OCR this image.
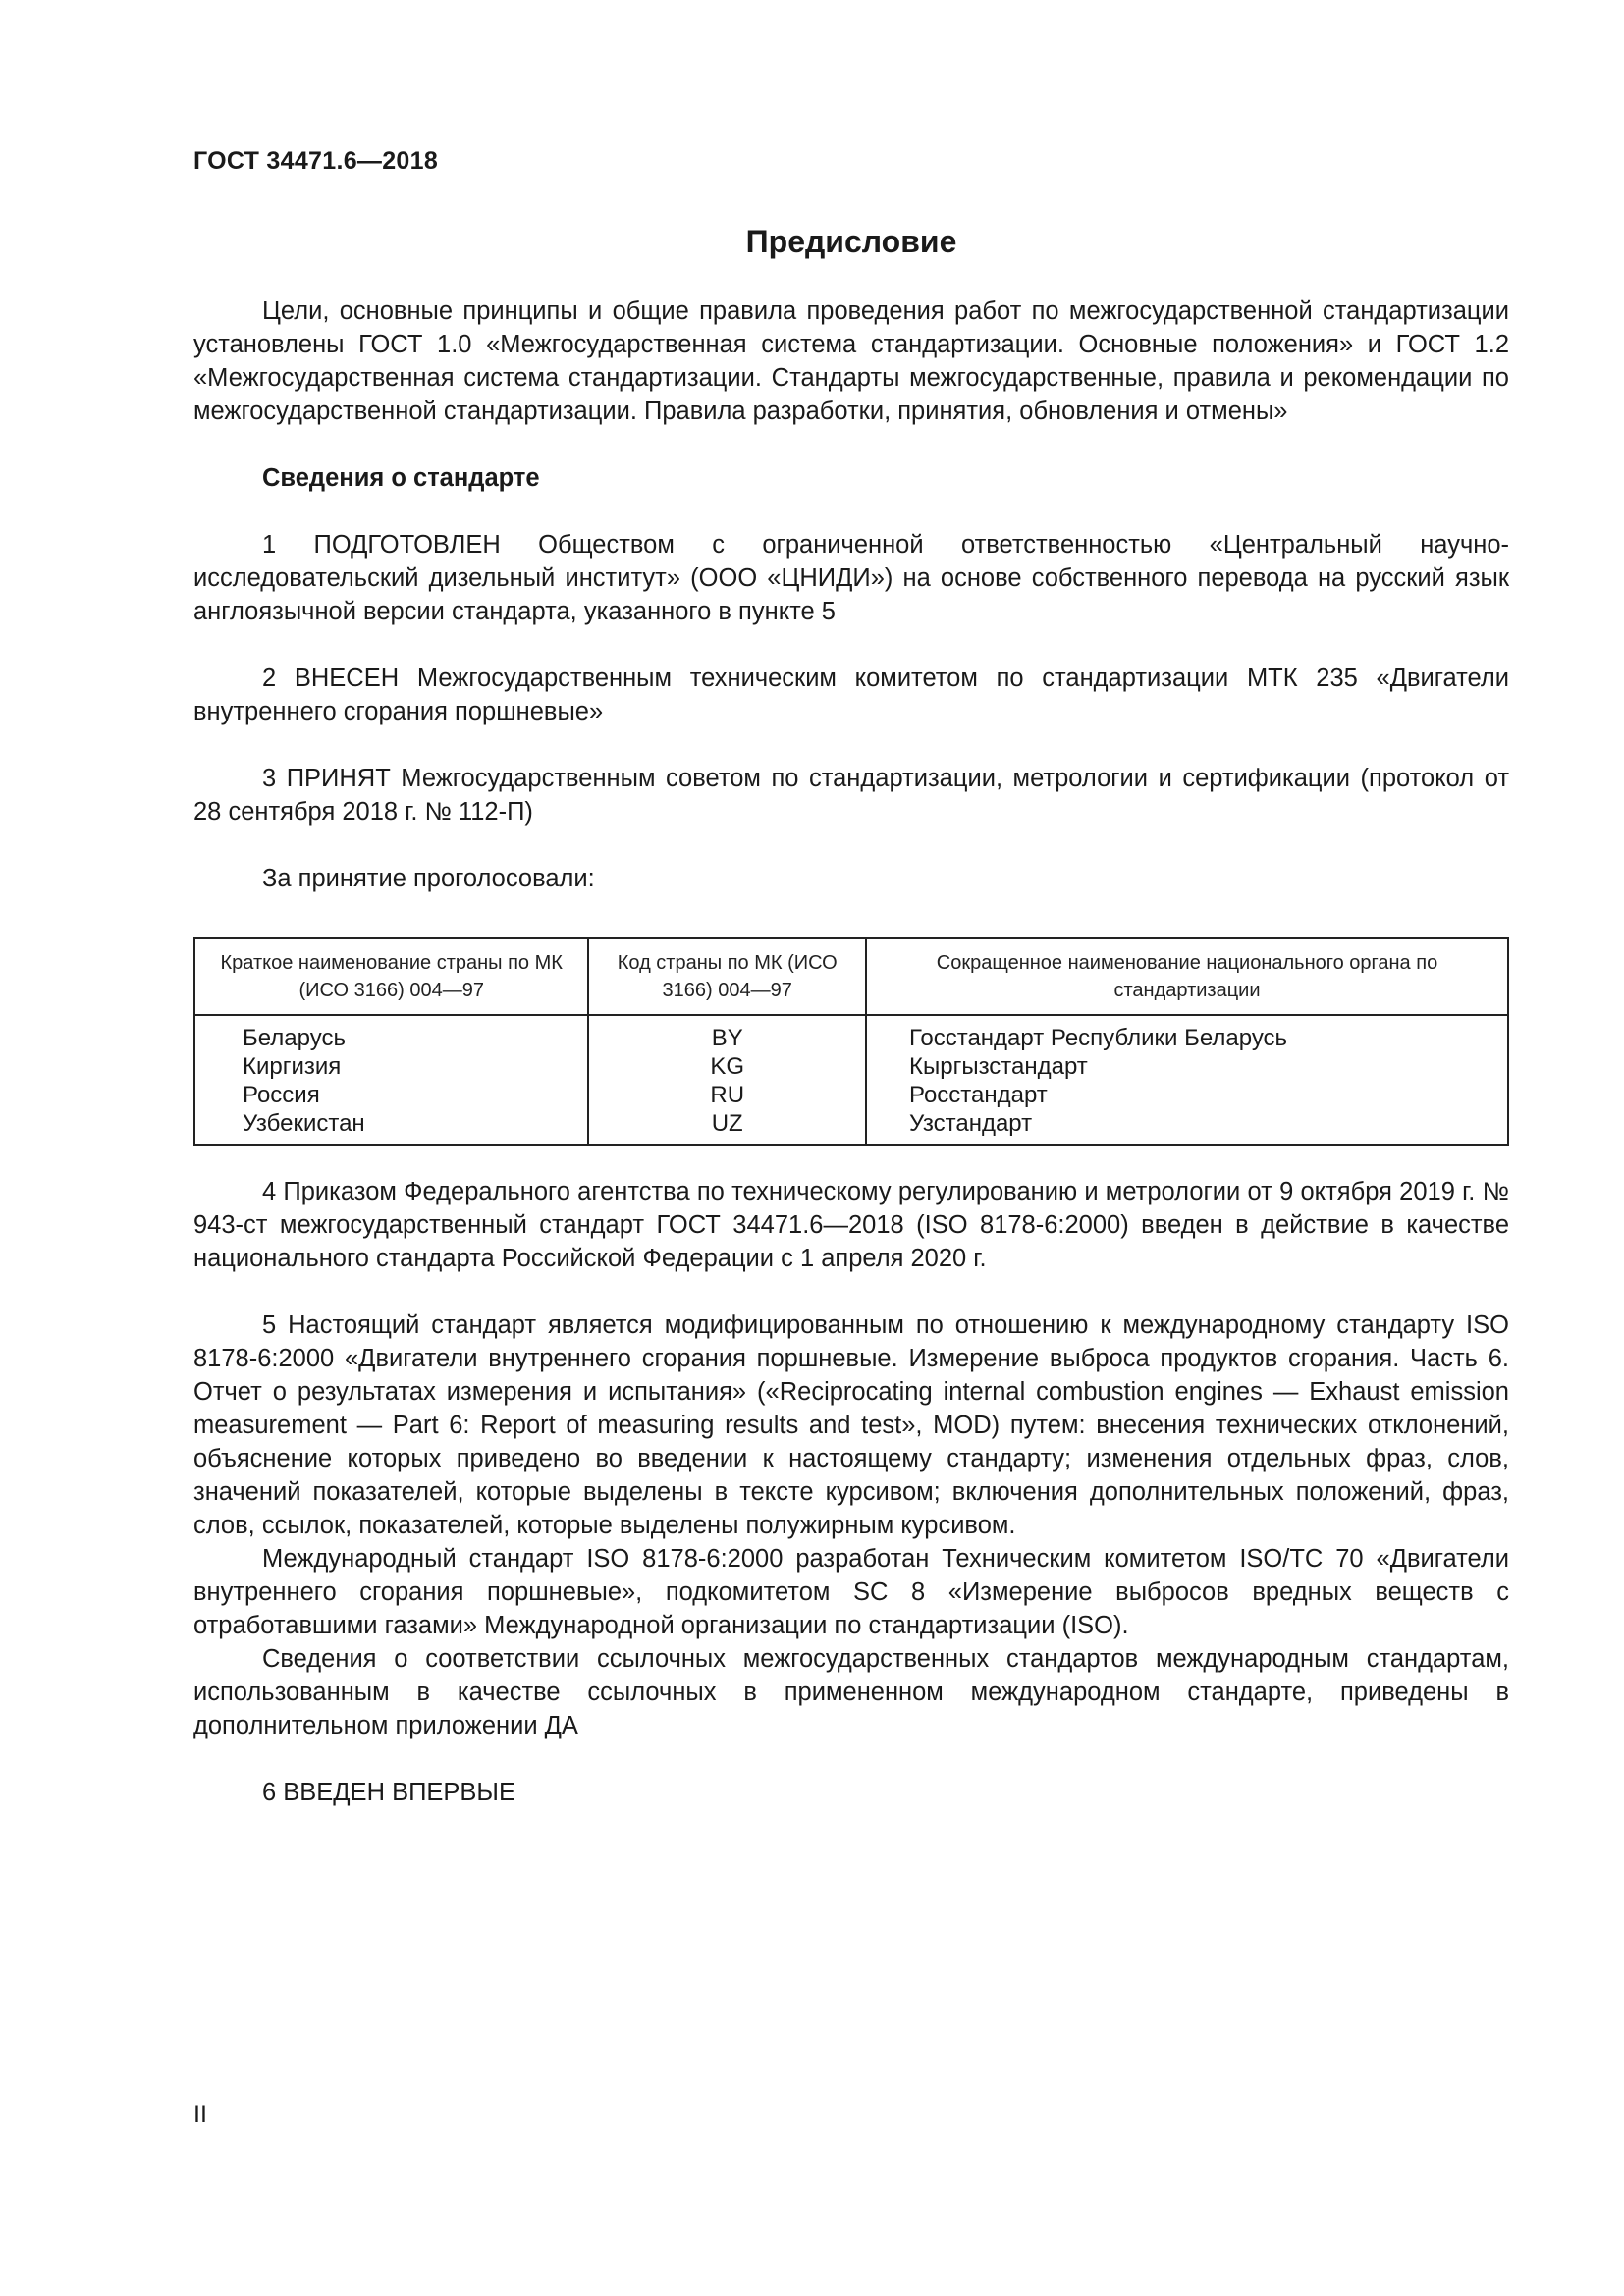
ГОСТ 34471.6—2018
Предисловие

Цели, основные принципы и общие правила проведения работ по межгосударственной стандартизации установлены ГОСТ 1.0 «Межгосударственная система стандартизации. Основные положения» и ГОСТ 1.2 «Межгосударственная система стандартизации. Стандарты межгосударственные, правила и рекомендации по межгосударственной стандартизации. Правила разработки, принятия, обновления и отмены»

Сведения о стандарте

1 ПОДГОТОВЛЕН Обществом с ограниченной ответственностью «Центральный научно-исследовательский дизельный институт» (ООО «ЦНИДИ») на основе собственного перевода на русский язык англоязычной версии стандарта, указанного в пункте 5

2 ВНЕСЕН Межгосударственным техническим комитетом по стандартизации МТК 235 «Двигатели внутреннего сгорания поршневые»

3 ПРИНЯТ Межгосударственным советом по стандартизации, метрологии и сертификации (протокол от 28 сентября 2018 г. № 112-П)

За принятие проголосовали:

Краткое наименование страны по МК (ИСО 3166) 004—97	Код страны по МК (ИСО 3166) 004—97	Сокращенное наименование национального органа по стандартизации
Беларусь	BY	Госстандарт Республики Беларусь
Киргизия	KG	Кыргызстандарт
Россия	RU	Росстандарт
Узбекистан	UZ	Узстандарт

4 Приказом Федерального агентства по техническому регулированию и метрологии от 9 октября 2019 г. № 943-ст межгосударственный стандарт ГОСТ 34471.6—2018 (ISO 8178-6:2000) введен в действие в качестве национального стандарта Российской Федерации с 1 апреля 2020 г.

5 Настоящий стандарт является модифицированным по отношению к международному стандарту ISO 8178-6:2000 «Двигатели внутреннего сгорания поршневые. Измерение выброса продуктов сгорания. Часть 6. Отчет о результатах измерения и испытания» («Reciprocating internal combustion engines — Exhaust emission measurement — Part 6: Report of measuring results and test», MOD) путем: внесения технических отклонений, объяснение которых приведено во введении к настоящему стандарту; изменения отдельных фраз, слов, значений показателей, которые выделены в тексте курсивом; включения дополнительных положений, фраз, слов, ссылок, показателей, которые выделены полужирным курсивом.

Международный стандарт ISO 8178-6:2000 разработан Техническим комитетом ISO/TC 70 «Двигатели внутреннего сгорания поршневые», подкомитетом SC 8 «Измерение выбросов вредных веществ с отработавшими газами» Международной организации по стандартизации (ISO).

Сведения о соответствии ссылочных межгосударственных стандартов международным стандартам, использованным в качестве ссылочных в примененном международном стандарте, приведены в дополнительном приложении ДА

6 ВВЕДЕН ВПЕРВЫЕ

II
